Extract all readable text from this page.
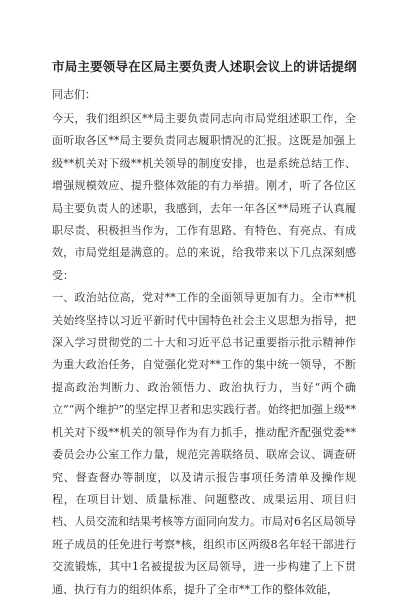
市局主要领导在区局主要负责人述职会议上的讲话提纲

同志们：

今天，我们组织区**局主要负责同志向市局党组述职工作，全面听取各区**局主要负责同志履职情况的汇报。这既是加强上级**机关对下级**机关领导的制度安排，也是系统总结工作、增强规模效应、提升整体效能的有力举措。刚才，听了各位区局主要负责人的述职，我感到，去年一年各区**局班子认真履职尽责、积极担当作为，工作有思路、有特色、有亮点、有成效，市局党组是满意的。总的来说，给我带来以下几点深刻感受：

一、政治站位高，党对**工作的全面领导更加有力。全市**机关始终坚持以习近平新时代中国特色社会主义思想为指导，把深入学习贯彻党的二十大和习近平总书记重要指示批示精神作为重大政治任务，自觉强化党对**工作的集中统一领导，不断提高政治判断力、政治领悟力、政治执行力，当好“两个确立”“两个维护”的坚定捍卫者和忠实践行者。始终把加强上级**机关对下级**机关的领导作为有力抓手，推动配齐配强党委**委员会办公室工作力量，规范完善联络员、联席会议、调查研究、督查督办等制度，以及请示报告事项任务清单及操作规程，在项目计划、质量标准、问题整改、成果运用、项目归档、人员交流和结果考核等方面同向发力。市局对6名区局领导班子成员的任免进行考察*核，组织市区两级8名年轻干部进行交流锻炼，其中1名被提拔为区局领导，进一步构建了上下贯通、执行有力的组织体系，提升了全市**工作的整体效能，
